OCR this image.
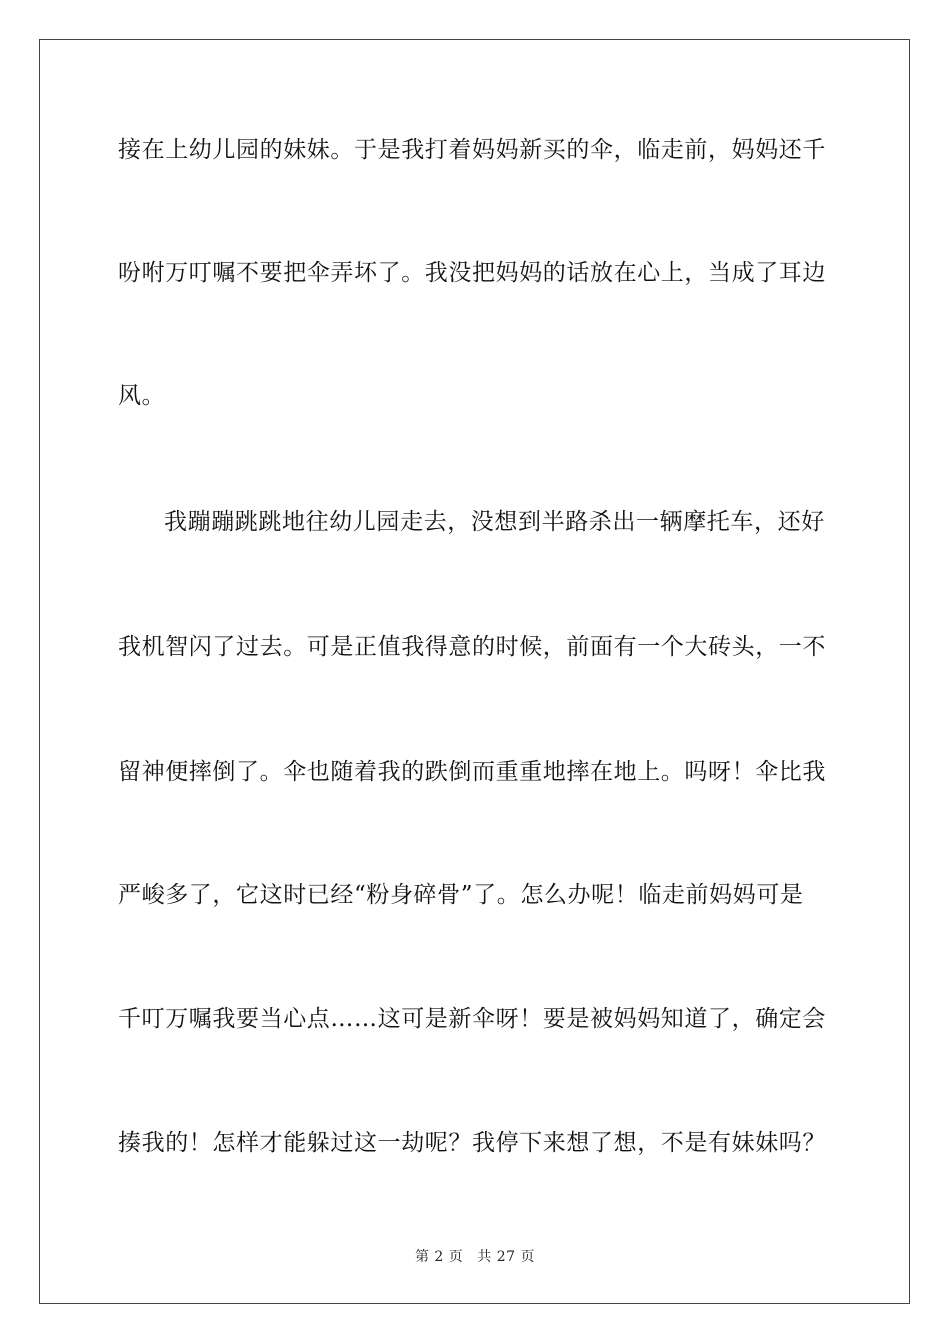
接在上幼儿园的妹妹。于是我打着妈妈新买的伞，临走前，妈妈还千
吩咐万叮嘱不要把伞弄坏了。我没把妈妈的话放在心上，当成了耳边
风。
我蹦蹦跳跳地往幼儿园走去，没想到半路杀出一辆摩托车，还好
我机智闪了过去。可是正值我得意的时候，前面有一个大砖头，一不
留神便摔倒了。伞也随着我的跌倒而重重地摔在地上。吗呀！伞比我
严峻多了，它这时已经“粉身碎骨”了。怎么办呢！临走前妈妈可是
千叮万嘱我要当心点……这可是新伞呀！要是被妈妈知道了，确定会
揍我的！怎样才能躲过这一劫呢？我停下来想了想，不是有妹妹吗？
第 2 页 共 27 页
